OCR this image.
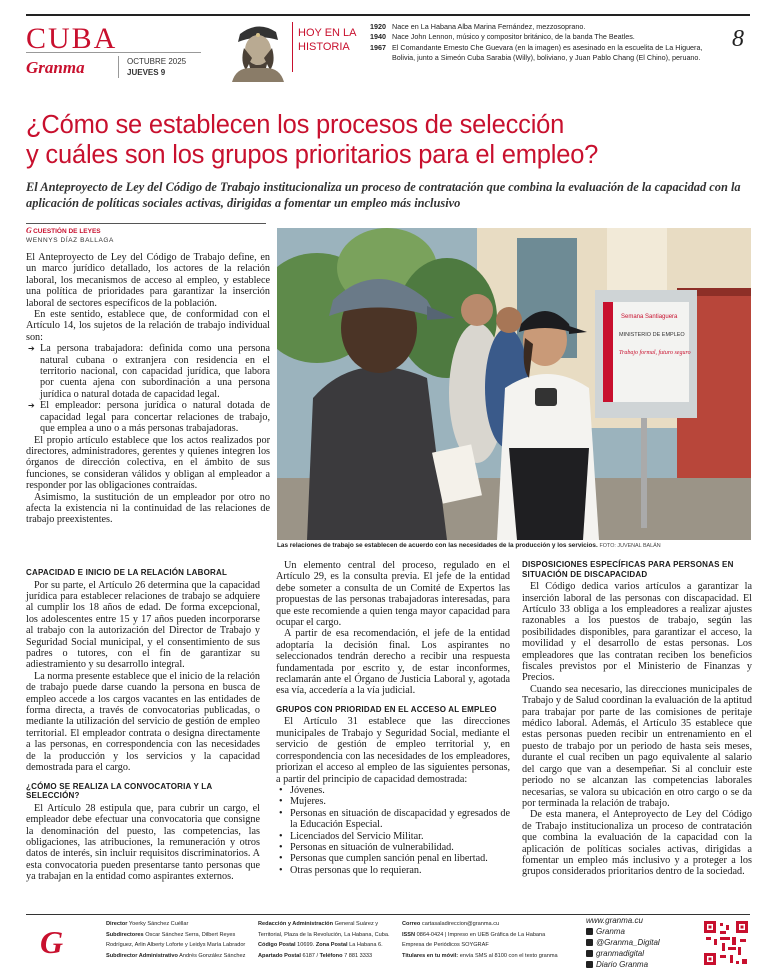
CUBA
Granma	OCTUBRE 2025
JUEVES 9
HOY EN LA
HISTORIA
1920 Nace en La Habana Alba Marina Fernández, mezzosoprano.
1940 Nace John Lennon, músico y compositor británico, de la banda The Beatles.
1967 El Comandante Ernesto Che Guevara (en la imagen) es asesinado en la escuelita de La Higuera, Bolivia, junto a Simeón Cuba Sarabia (Willy), boliviano, y Juan Pablo Chang (El Chino), peruano.
8
¿Cómo se establecen los procesos de selección
y cuáles son los grupos prioritarios para el empleo?
El Anteproyecto de Ley del Código de Trabajo institucionaliza un proceso de contratación que combina la evaluación de la capacidad con la aplicación de políticas sociales activas, dirigidas a fomentar un empleo más inclusivo
G CUESTIÓN DE LEYES
WENNYS DÍAZ BALLAGA

El Anteproyecto de Ley del Código de Trabajo define, en un marco jurídico detallado, los actores de la relación laboral, los mecanismos de acceso al empleo, y establece una política de prioridades para garantizar la inserción laboral de sectores específicos de la población.

En este sentido, establece que, de conformidad con el Artículo 14, los sujetos de la relación de trabajo individual son:

➔ La persona trabajadora: definida como una persona natural cubana o extranjera con residencia en el territorio nacional, con capacidad jurídica, que labora por cuenta ajena con subordinación a una persona jurídica o natural dotada de capacidad legal.
➔ El empleador: persona jurídica o natural dotada de capacidad legal para concertar relaciones de trabajo, que emplea a uno o a más personas trabajadoras.

El propio artículo establece que los actos realizados por directores, administradores, gerentes y quienes integren los órganos de dirección colectiva, en el ámbito de sus funciones, se consideran válidos y obligan al empleador a responder por las obligaciones contraídas.

Asimismo, la sustitución de un empleador por otro no afecta la existencia ni la continuidad de las relaciones de trabajo preexistentes.

Semana Santiaguera
MINISTERIO DE EMPLEO
Trabajo formal, futuro seguro
Las relaciones de trabajo se establecen de acuerdo con las necesidades de la producción y los servicios. FOTO: JUVENAL BALÁN
CAPACIDAD E INICIO DE LA RELACIÓN LABORAL

Por su parte, el Artículo 26 determina que la capacidad jurídica para establecer relaciones de trabajo se adquiere al cumplir los 18 años de edad. De forma excepcional, los adolescentes entre 15 y 17 años pueden incorporarse al trabajo con la autorización del Director de Trabajo y Seguridad Social municipal, y el consentimiento de sus padres o tutores, con el fin de garantizar su adiestramiento y su desarrollo integral.

La norma presente establece que el inicio de la relación de trabajo puede darse cuando la persona en busca de empleo accede a los cargos vacantes en las entidades de forma directa, a través de convocatorias publicadas, o mediante la utilización del servicio de gestión de empleo territorial. El empleador contrata o designa directamente a las personas, en correspondencia con las necesidades de la producción y los servicios y la capacidad demostrada para el cargo.

¿CÓMO SE REALIZA LA CONVOCATORIA Y LA SELECCIÓN?

El Artículo 28 estipula que, para cubrir un cargo, el empleador debe efectuar una convocatoria que consigne la denominación del puesto, las competencias, las obligaciones, las atribuciones, la remuneración y otros datos de interés, sin incluir requisitos discriminatorios. A esta convocatoria pueden presentarse tanto personas que ya trabajan en la entidad como aspirantes externos.

Un elemento central del proceso, regulado en el Artículo 29, es la consulta previa. El jefe de la entidad debe someter a consulta de un Comité de Expertos las propuestas de las personas trabajadoras interesadas, para que este recomiende a quien tenga mayor capacidad para ocupar el cargo.

A partir de esa recomendación, el jefe de la entidad adoptaría la decisión final. Los aspirantes no seleccionados tendrán derecho a recibir una respuesta fundamentada por escrito y, de estar inconformes, reclamarán ante el Órgano de Justicia Laboral y, agotada esa vía, accedería a la vía judicial.

GRUPOS CON PRIORIDAD EN EL ACCESO AL EMPLEO

El Artículo 31 establece que las direcciones municipales de Trabajo y Seguridad Social, mediante el servicio de gestión de empleo territorial y, en correspondencia con las necesidades de los empleadores, priorizan el acceso al empleo de las siguientes personas, a partir del principio de capacidad demostrada:

• Jóvenes.
• Mujeres.
• Personas en situación de discapacidad y egresados de la Educación Especial.
• Licenciados del Servicio Militar.
• Personas en situación de vulnerabilidad.
• Personas que cumplen sanción penal en libertad.
• Otras personas que lo requieran.
DISPOSICIONES ESPECÍFICAS PARA PERSONAS EN SITUACIÓN DE DISCAPACIDAD

El Código dedica varios artículos a garantizar la inserción laboral de las personas con discapacidad. El Artículo 33 obliga a los empleadores a realizar ajustes razonables a los puestos de trabajo, según las posibilidades disponibles, para garantizar el acceso, la movilidad y el desarrollo de estas personas. Los empleadores que las contratan reciben los beneficios fiscales previstos por el Ministerio de Finanzas y Precios.

Cuando sea necesario, las direcciones municipales de Trabajo y de Salud coordinan la evaluación de la aptitud para trabajar por parte de las comisiones de peritaje médico laboral. Además, el Artículo 35 establece que estas personas pueden recibir un entrenamiento en el puesto de trabajo por un periodo de hasta seis meses, durante el cual reciben un pago equivalente al salario del cargo que van a desempeñar. Si al concluir este periodo no se alcanzan las competencias laborales necesarias, se valora su ubicación en otro cargo o se da por terminada la relación de trabajo.

De esta manera, el Anteproyecto de Ley del Código de Trabajo institucionaliza un proceso de contratación que combina la evaluación de la capacidad con la aplicación de políticas sociales activas, dirigidas a fomentar un empleo más inclusivo y a proteger a los grupos considerados prioritarios dentro de la sociedad.

G	Director Yoerky Sánchez Cuéllar
Subdirectores Oscar Sánchez Serra, Dilbert Reyes
Rodríguez, Arlin Alberty Loforte y Leidys María Labrador
Subdirector Administrativo Andrés González Sánchez
Redacción y Administración General Suárez y
Territorial, Plaza de la Revolución, La Habana, Cuba.
Código Postal 10699. Zona Postal La Habana 6.
Apartado Postal 6187 / Teléfono 7 881 3333
Correo cartasaladireccion@granma.cu
ISSN 0864-0424 | Impreso en UEB Gráfica de La Habana
Empresa de Periódicos SOYGRAF
Titulares en tu móvil: envía SMS al 8100 con el texto granma
www.granma.cu
Granma
@Granma_Digital
granmadigital
Diario Granma
